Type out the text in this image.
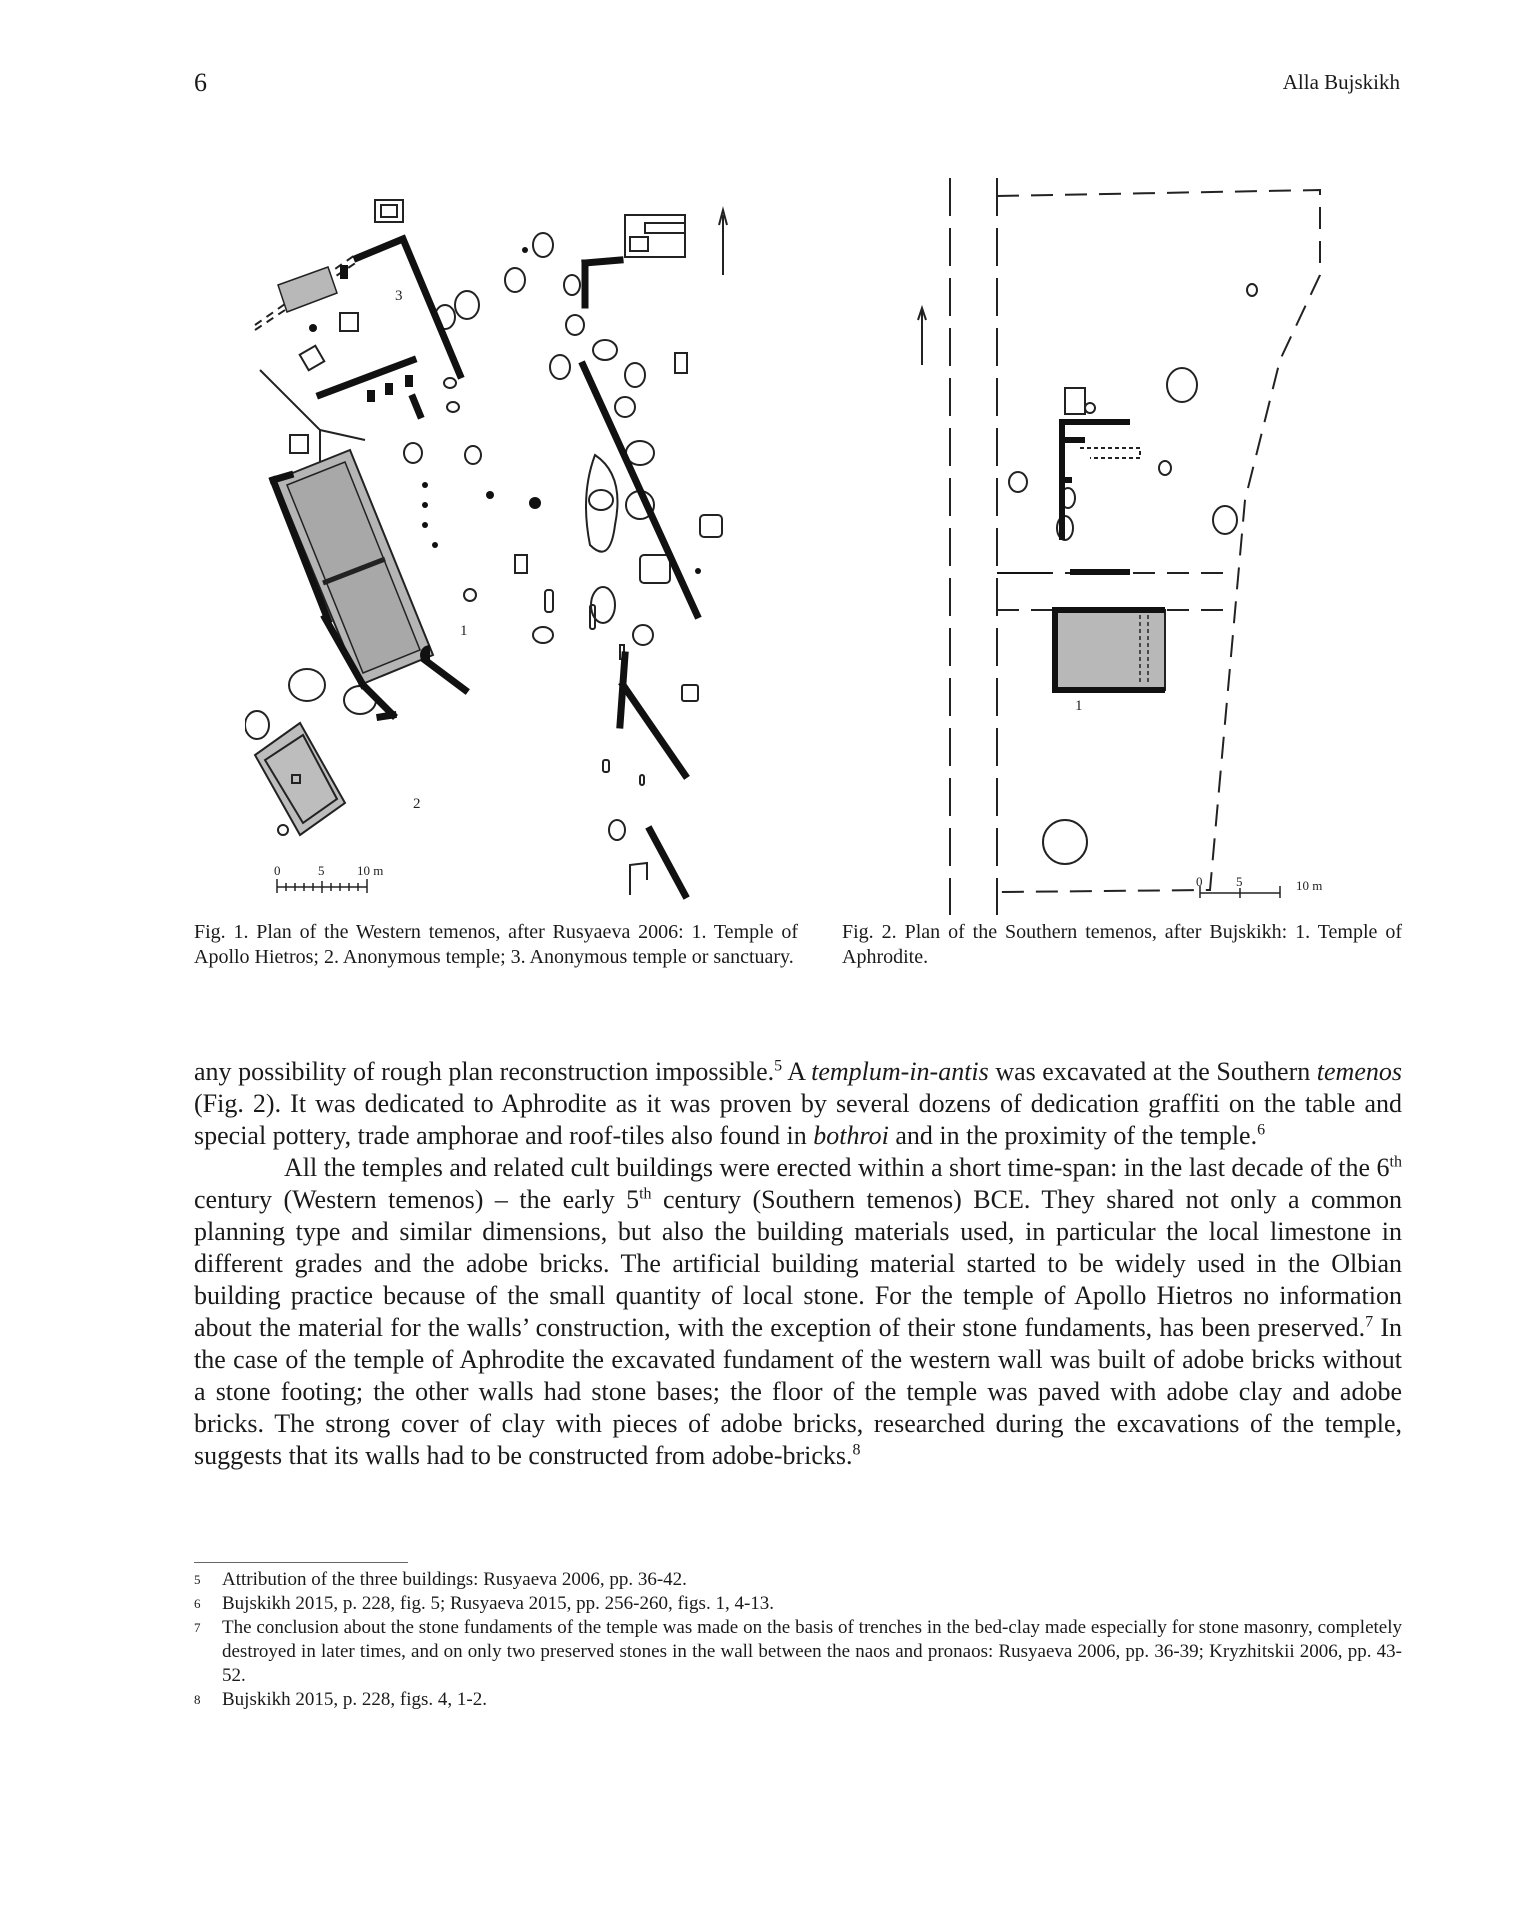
6	Alla Bujskikh
0	5	10 m
1
2
3
0	5	10 m
1
Fig. 1. Plan of the Western temenos, after Rusyaeva 2006: 1. Temple of Apollo Hietros; 2. Anonymous temple; 3. Anonymous temple or sanctuary.
Fig. 2. Plan of the Southern temenos, after Bujskikh: 1. Temple of Aphrodite.

any possibility of rough plan reconstruction impossible.$^5$ A templum-in-antis was excavated at the Southern temenos (Fig. 2). It was dedicated to Aphrodite as it was proven by several dozens of dedication graffiti on the table and special pottery, trade amphorae and roof-tiles also found in bothroi and in the proximity of the temple.$^6$

All the temples and related cult buildings were erected within a short time-span: in the last decade of the 6th century (Western temenos) – the early 5th century (Southern temenos) BCE. They shared not only a common planning type and similar dimensions, but also the building materials used, in particular the local limestone in different grades and the adobe bricks. The artificial building material started to be widely used in the Olbian building practice because of the small quantity of local stone. For the temple of Apollo Hietros no information about the material for the walls’ construction, with the exception of their stone fundaments, has been preserved.$^7$ In the case of the temple of Aphrodite the excavated fundament of the western wall was built of adobe bricks without a stone footing; the other walls had stone bases; the floor of the temple was paved with adobe clay and adobe bricks. The strong cover of clay with pieces of adobe bricks, researched during the excavations of the temple, suggests that its walls had to be constructed from adobe-bricks.$^8$

5	Attribution of the three buildings: Rusyaeva 2006, pp. 36-42.
6	Bujskikh 2015, p. 228, fig. 5; Rusyaeva 2015, pp. 256-260, figs. 1, 4-13.
7	The conclusion about the stone fundaments of the temple was made on the basis of trenches in the bed-clay made especially for stone masonry, completely destroyed in later times, and on only two preserved stones in the wall between the naos and pronaos: Rusyaeva 2006, pp. 36-39; Kryzhitskii 2006, pp. 43-52.
8	Bujskikh 2015, p. 228, figs. 4, 1-2.
